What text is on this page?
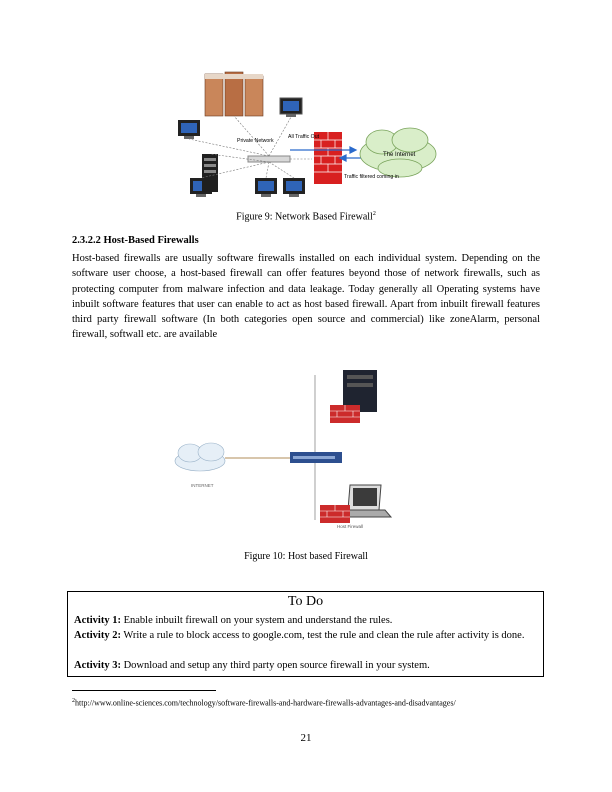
Private Network
All Traffic Out
Traffic filtered coming in
The Internet
Figure 9: Network Based Firewall$^2$
2.3.2.2 Host-Based Firewalls
Host-based firewalls are usually software firewalls installed on each individual system. Depending on the software user choose, a host-based firewall can offer features beyond those of network firewalls, such as protecting computer from malware infection and data leakage. Today generally all Operating systems have inbuilt software features that user can enable to act as host based firewall. Apart from inbuilt firewall features third party firewall software (In both categories open source and commercial) like zoneAlarm, personal firewall, softwall etc. are available
INTERNET
Host Firewall
Figure 10: Host based Firewall
To Do
Activity 1: Enable inbuilt firewall on your system and understand the rules.
Activity 2: Write a rule to block access to google.com, test the rule and clean the rule after activity is done.
Activity 3: Download and setup any third party open source firewall in your system.
$^2$http://www.online-sciences.com/technology/software-firewalls-and-hardware-firewalls-advantages-and-disadvantages/
21
